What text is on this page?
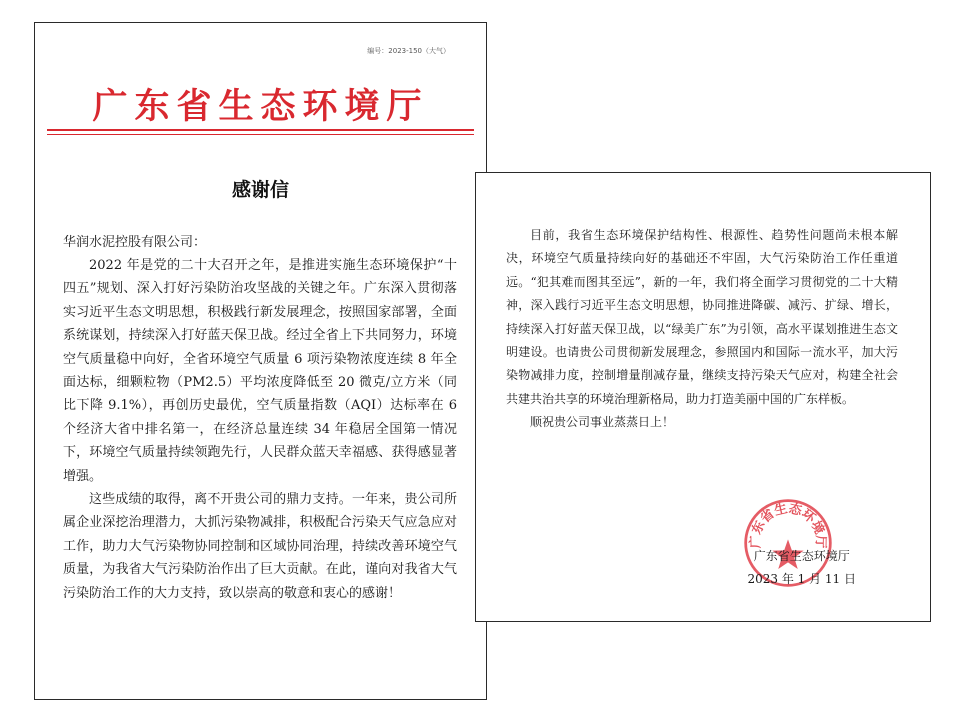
编号：2023-150（大气）
广东省生态环境厅
感谢信
华润水泥控股有限公司：

2022 年是党的二十大召开之年，是推进实施生态环境保护“十四五”规划、深入打好污染防治攻坚战的关键之年。广东深入贯彻落实习近平生态文明思想，积极践行新发展理念，按照国家部署，全面系统谋划，持续深入打好蓝天保卫战。经过全省上下共同努力，环境空气质量稳中向好，全省环境空气质量 6 项污染物浓度连续 8 年全面达标，细颗粒物（PM2.5）平均浓度降低至 20 微克/立方米（同比下降 9.1%），再创历史最优，空气质量指数（AQI）达标率在 6 个经济大省中排名第一，在经济总量连续 34 年稳居全国第一情况下，环境空气质量持续领跑先行，人民群众蓝天幸福感、获得感显著增强。

这些成绩的取得，离不开贵公司的鼎力支持。一年来，贵公司所属企业深挖治理潜力，大抓污染物减排，积极配合污染天气应急应对工作，助力大气污染物协同控制和区域协同治理，持续改善环境空气质量，为我省大气污染防治作出了巨大贡献。在此，谨向对我省大气污染防治工作的大力支持，致以崇高的敬意和衷心的感谢！

目前，我省生态环境保护结构性、根源性、趋势性问题尚未根本解决，环境空气质量持续向好的基础还不牢固，大气污染防治工作任重道远。“犯其难而图其至远”，新的一年，我们将全面学习贯彻党的二十大精神，深入践行习近平生态文明思想，协同推进降碳、减污、扩绿、增长，持续深入打好蓝天保卫战，以“绿美广东”为引领，高水平谋划推进生态文明建设。也请贵公司贯彻新发展理念，参照国内和国际一流水平，加大污染物减排力度，控制增量削减存量，继续支持污染天气应对，构建全社会共建共治共享的环境治理新格局，助力打造美丽中国的广东样板。

顺祝贵公司事业蒸蒸日上！

广东省生态环境厅
广东省生态环境厅
2023 年 1 月 11 日
